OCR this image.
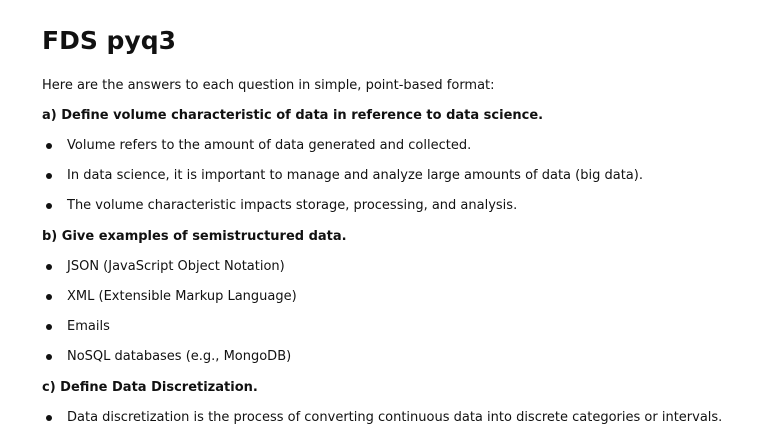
FDS pyq3

Here are the answers to each question in simple, point-based format:

a) Define volume characteristic of data in reference to data science.

Volume refers to the amount of data generated and collected.
In data science, it is important to manage and analyze large amounts of data (big data).
The volume characteristic impacts storage, processing, and analysis.

b) Give examples of semistructured data.

JSON (JavaScript Object Notation)
XML (Extensible Markup Language)
Emails
NoSQL databases (e.g., MongoDB)

c) Define Data Discretization.

Data discretization is the process of converting continuous data into discrete categories or intervals.
